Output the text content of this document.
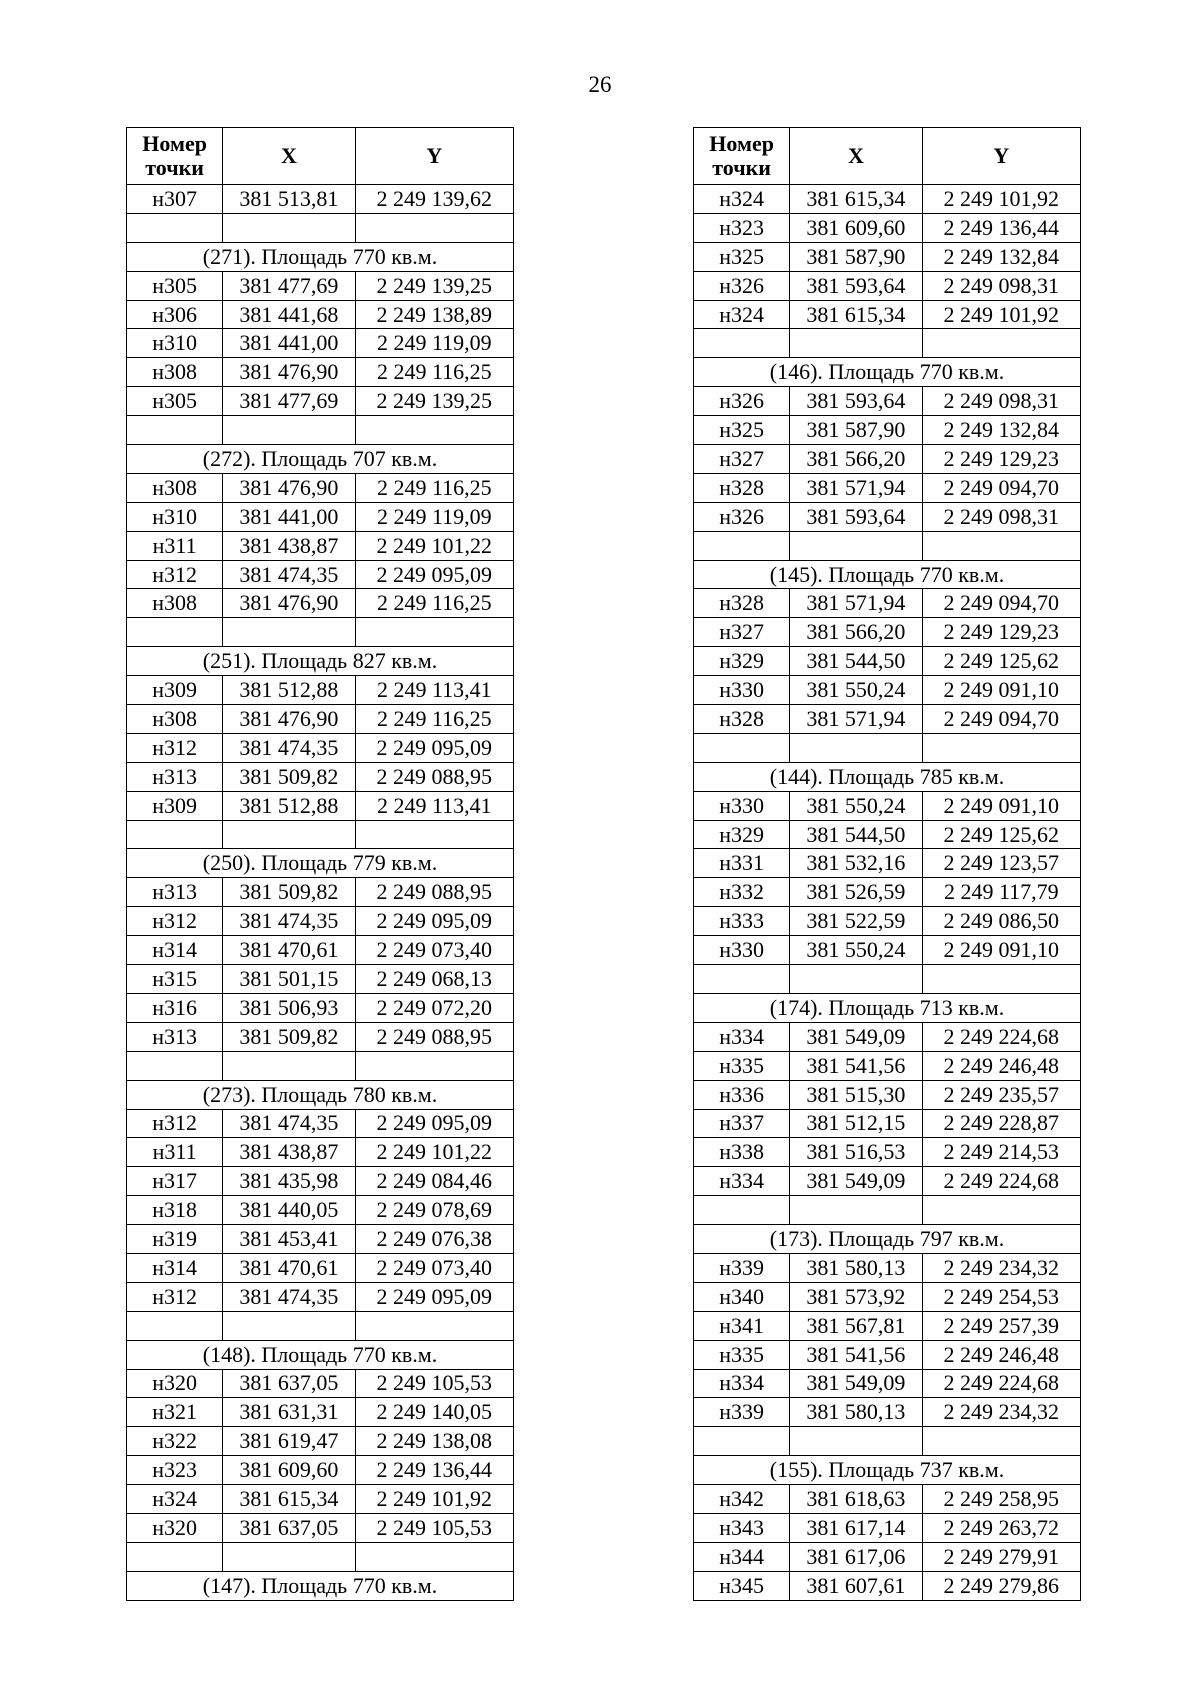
26
Номер
точки	X	Y
н307	381 513,81	2 249 139,62

(271). Площадь 770 кв.м.		
н305	381 477,69	2 249 139,25
н306	381 441,68	2 249 138,89
н310	381 441,00	2 249 119,09
н308	381 476,90	2 249 116,25
н305	381 477,69	2 249 139,25

(272). Площадь 707 кв.м.		
н308	381 476,90	2 249 116,25
н310	381 441,00	2 249 119,09
н311	381 438,87	2 249 101,22
н312	381 474,35	2 249 095,09
н308	381 476,90	2 249 116,25

(251). Площадь 827 кв.м.		
н309	381 512,88	2 249 113,41
н308	381 476,90	2 249 116,25
н312	381 474,35	2 249 095,09
н313	381 509,82	2 249 088,95
н309	381 512,88	2 249 113,41

(250). Площадь 779 кв.м.		
н313	381 509,82	2 249 088,95
н312	381 474,35	2 249 095,09
н314	381 470,61	2 249 073,40
н315	381 501,15	2 249 068,13
н316	381 506,93	2 249 072,20
н313	381 509,82	2 249 088,95

(273). Площадь 780 кв.м.		
н312	381 474,35	2 249 095,09
н311	381 438,87	2 249 101,22
н317	381 435,98	2 249 084,46
н318	381 440,05	2 249 078,69
н319	381 453,41	2 249 076,38
н314	381 470,61	2 249 073,40
н312	381 474,35	2 249 095,09

(148). Площадь 770 кв.м.		
н320	381 637,05	2 249 105,53
н321	381 631,31	2 249 140,05
н322	381 619,47	2 249 138,08
н323	381 609,60	2 249 136,44
н324	381 615,34	2 249 101,92
н320	381 637,05	2 249 105,53

(147). Площадь 770 кв.м.		
Номер
точки	X	Y
н324	381 615,34	2 249 101,92
н323	381 609,60	2 249 136,44
н325	381 587,90	2 249 132,84
н326	381 593,64	2 249 098,31
н324	381 615,34	2 249 101,92

(146). Площадь 770 кв.м.		
н326	381 593,64	2 249 098,31
н325	381 587,90	2 249 132,84
н327	381 566,20	2 249 129,23
н328	381 571,94	2 249 094,70
н326	381 593,64	2 249 098,31

(145). Площадь 770 кв.м.		
н328	381 571,94	2 249 094,70
н327	381 566,20	2 249 129,23
н329	381 544,50	2 249 125,62
н330	381 550,24	2 249 091,10
н328	381 571,94	2 249 094,70

(144). Площадь 785 кв.м.		
н330	381 550,24	2 249 091,10
н329	381 544,50	2 249 125,62
н331	381 532,16	2 249 123,57
н332	381 526,59	2 249 117,79
н333	381 522,59	2 249 086,50
н330	381 550,24	2 249 091,10

(174). Площадь 713 кв.м.		
н334	381 549,09	2 249 224,68
н335	381 541,56	2 249 246,48
н336	381 515,30	2 249 235,57
н337	381 512,15	2 249 228,87
н338	381 516,53	2 249 214,53
н334	381 549,09	2 249 224,68

(173). Площадь 797 кв.м.		
н339	381 580,13	2 249 234,32
н340	381 573,92	2 249 254,53
н341	381 567,81	2 249 257,39
н335	381 541,56	2 249 246,48
н334	381 549,09	2 249 224,68
н339	381 580,13	2 249 234,32

(155). Площадь 737 кв.м.		
н342	381 618,63	2 249 258,95
н343	381 617,14	2 249 263,72
н344	381 617,06	2 249 279,91
н345	381 607,61	2 249 279,86
